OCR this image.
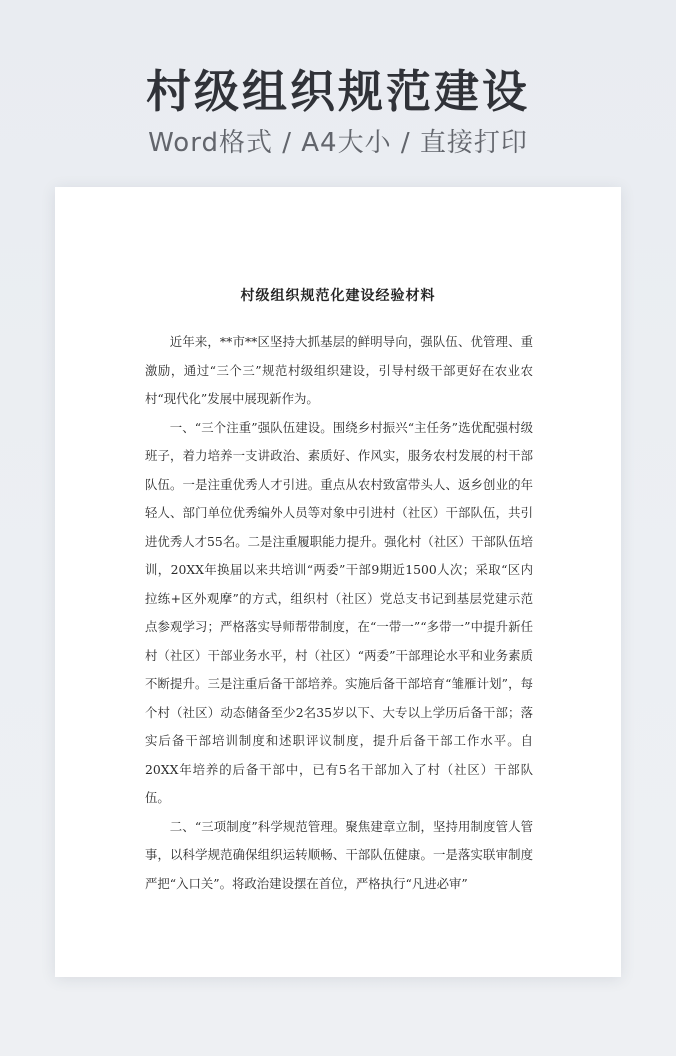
村级组织规范建设
Word格式 / A4大小 / 直接打印
村级组织规范化建设经验材料

近年来，**市**区坚持大抓基层的鲜明导向，强队伍、优管理、重激励，通过“三个三”规范村级组织建设，引导村级干部更好在农业农村“现代化”发展中展现新作为。

一、“三个注重”强队伍建设。围绕乡村振兴“主任务”选优配强村级班子，着力培养一支讲政治、素质好、作风实，服务农村发展的村干部队伍。一是注重优秀人才引进。重点从农村致富带头人、返乡创业的年轻人、部门单位优秀编外人员等对象中引进村（社区）干部队伍，共引进优秀人才55名。二是注重履职能力提升。强化村（社区）干部队伍培训，20XX年换届以来共培训“两委”干部9期近1500人次；采取“区内拉练+区外观摩”的方式，组织村（社区）党总支书记到基层党建示范点参观学习；严格落实导师帮带制度，在“一带一”“多带一”中提升新任村（社区）干部业务水平，村（社区）“两委”干部理论水平和业务素质不断提升。三是注重后备干部培养。实施后备干部培育“雏雁计划”，每个村（社区）动态储备至少2名35岁以下、大专以上学历后备干部；落实后备干部培训制度和述职评议制度，提升后备干部工作水平。自20XX年培养的后备干部中，已有5名干部加入了村（社区）干部队伍。

二、“三项制度”科学规范管理。聚焦建章立制，坚持用制度管人管事，以科学规范确保组织运转顺畅、干部队伍健康。一是落实联审制度严把“入口关”。将政治建设摆在首位，严格执行“凡进必审”
